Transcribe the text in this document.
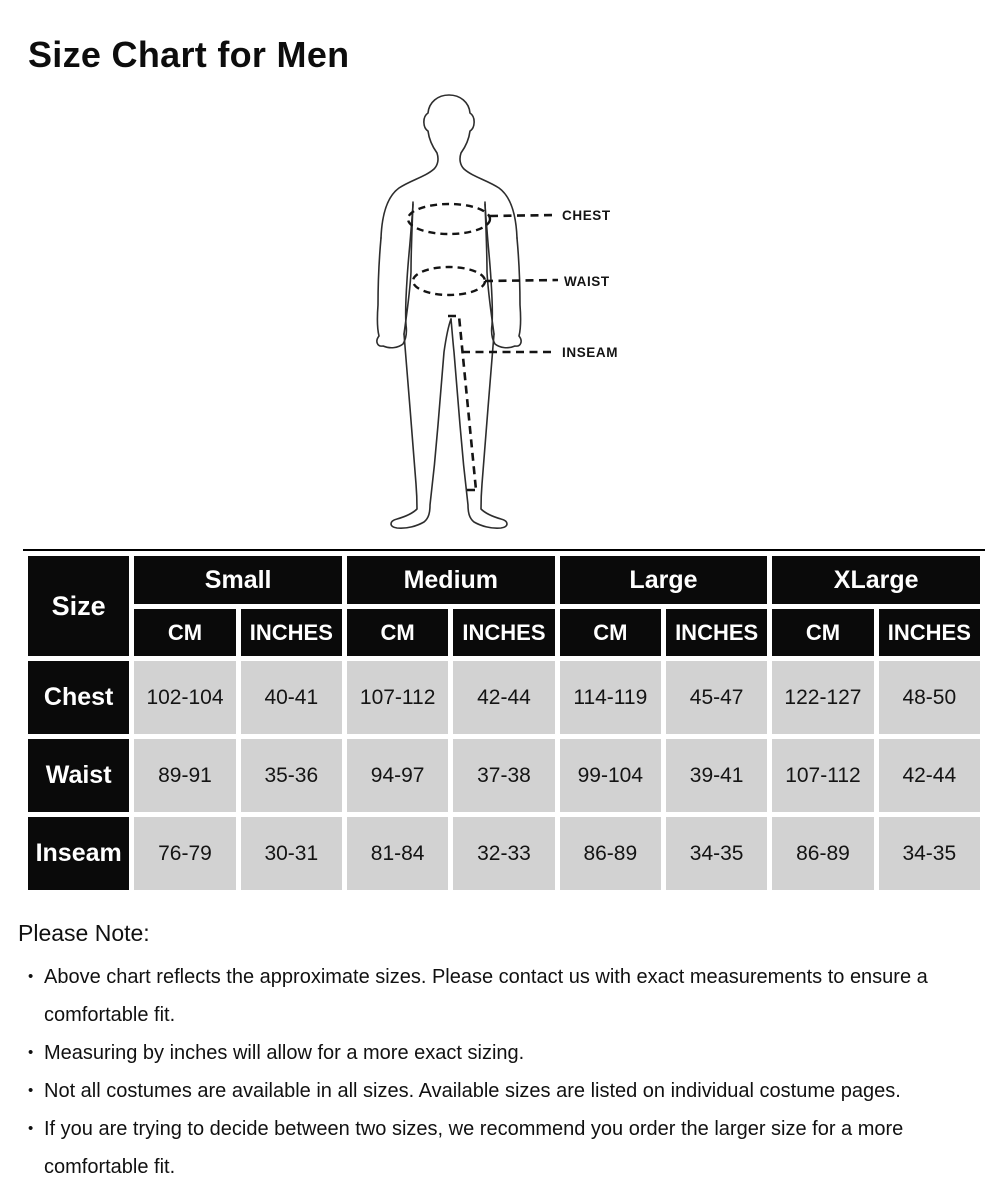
Size Chart for Men
CHEST
WAIST
INSEAM
Size	Small		Medium		Large		XLarge	
	CM	INCHES	CM	INCHES	CM	INCHES	CM	INCHES
Chest	102-104	40-41	107-112	42-44	114-119	45-47	122-127	48-50
Waist	89-91	35-36	94-97	37-38	99-104	39-41	107-112	42-44
Inseam	76-79	30-31	81-84	32-33	86-89	34-35	86-89	34-35

Please Note:

• Above chart reflects the approximate sizes. Please contact us with exact measurements to ensure a comfortable fit.
• Measuring by inches will allow for a more exact sizing.
• Not all costumes are available in all sizes. Available sizes are listed on individual costume pages.
• If you are trying to decide between two sizes, we recommend you order the larger size for a more comfortable fit.
